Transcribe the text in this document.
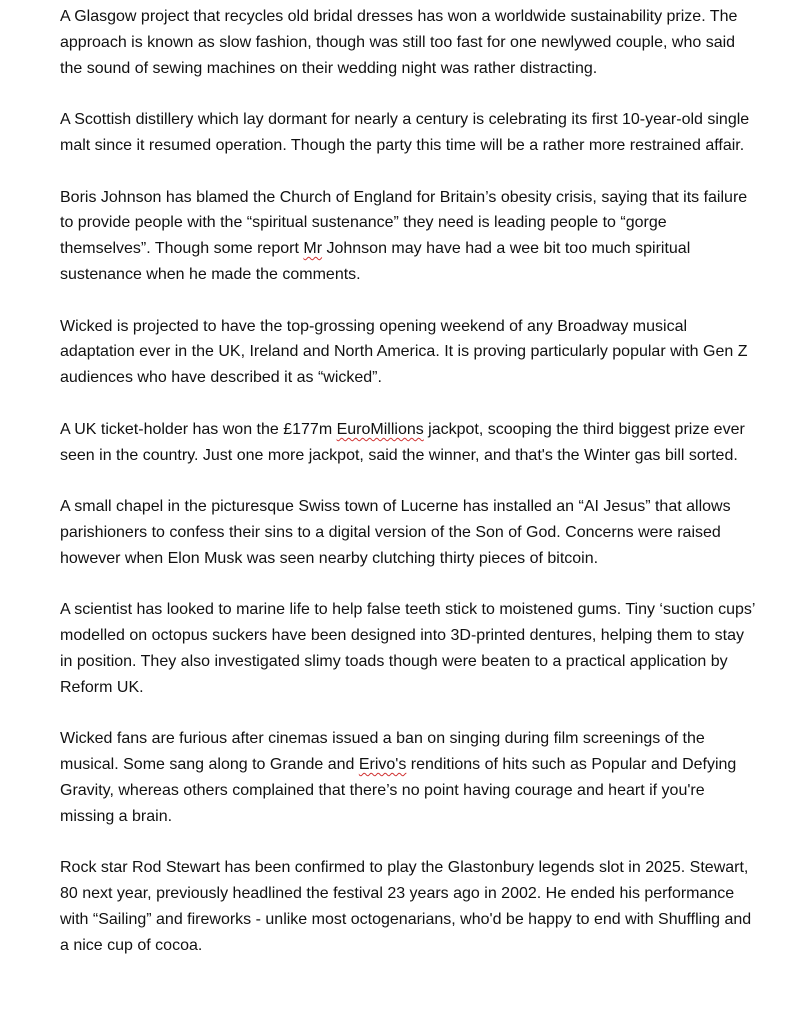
A Glasgow project that recycles old bridal dresses has won a worldwide sustainability prize. The approach is known as slow fashion, though was still too fast for one newlywed couple, who said the sound of sewing machines on their wedding night was rather distracting.

A Scottish distillery which lay dormant for nearly a century is celebrating its first 10-year-old single malt since it resumed operation. Though the party this time will be a rather more restrained affair.

Boris Johnson has blamed the Church of England for Britain’s obesity crisis, saying that its failure to provide people with the “spiritual sustenance” they need is leading people to “gorge themselves”. Though some report Mr Johnson may have had a wee bit too much spiritual sustenance when he made the comments.

Wicked is projected to have the top-grossing opening weekend of any Broadway musical adaptation ever in the UK, Ireland and North America. It is proving particularly popular with Gen Z audiences who have described it as “wicked”.

A UK ticket-holder has won the £177m EuroMillions jackpot, scooping the third biggest prize ever seen in the country. Just one more jackpot, said the winner, and that's the Winter gas bill sorted.

A small chapel in the picturesque Swiss town of Lucerne has installed an “AI Jesus” that allows parishioners to confess their sins to a digital version of the Son of God. Concerns were raised however when Elon Musk was seen nearby clutching thirty pieces of bitcoin.

A scientist has looked to marine life to help false teeth stick to moistened gums. Tiny ‘suction cups’ modelled on octopus suckers have been designed into 3D-printed dentures, helping them to stay in position. They also investigated slimy toads though were beaten to a practical application by Reform UK.

Wicked fans are furious after cinemas issued a ban on singing during film screenings of the musical. Some sang along to Grande and Erivo's renditions of hits such as Popular and Defying Gravity, whereas others complained that there’s no point having courage and heart if you're missing a brain.

Rock star Rod Stewart has been confirmed to play the Glastonbury legends slot in 2025. Stewart, 80 next year, previously headlined the festival 23 years ago in 2002. He ended his performance with “Sailing” and fireworks - unlike most octogenarians, who'd be happy to end with Shuffling and a nice cup of cocoa.
